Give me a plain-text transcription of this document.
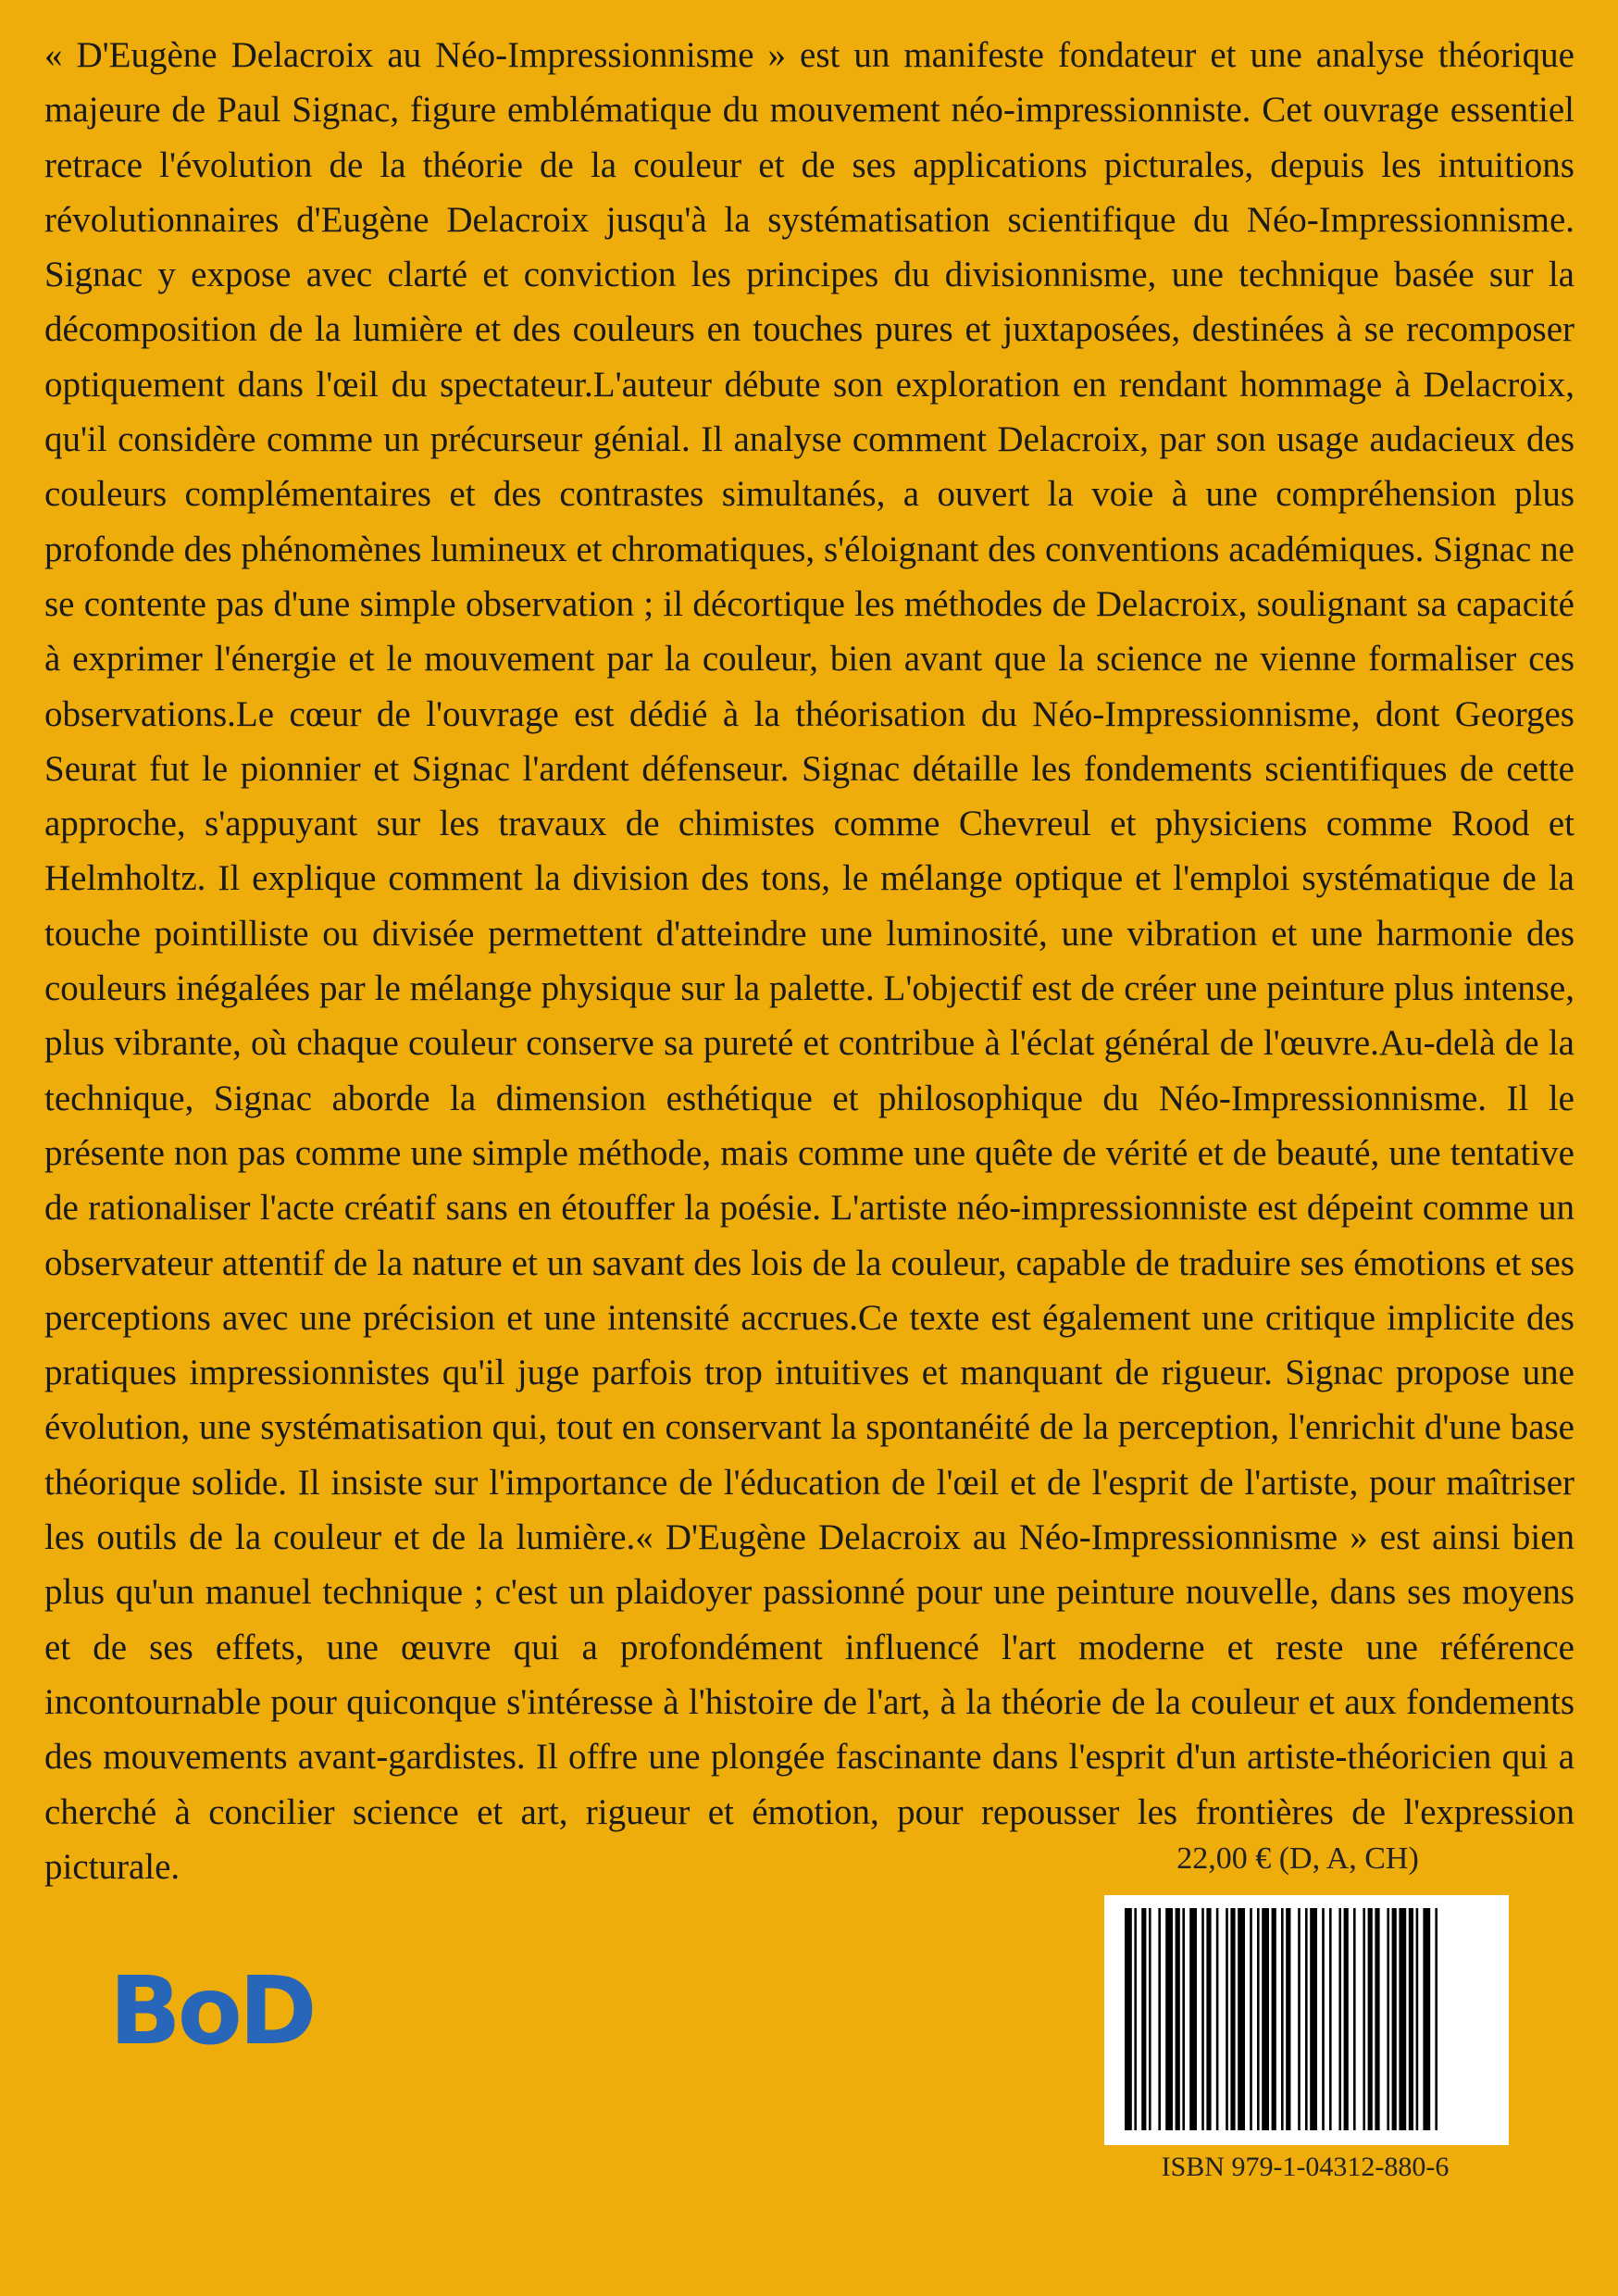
« D'Eugène Delacroix au Néo-Impressionnisme » est un manifeste fondateur et une analyse théorique majeure de Paul Signac, figure emblématique du mouvement néo-impressionniste. Cet ouvrage essentiel retrace l'évolution de la théorie de la couleur et de ses applications picturales, depuis les intuitions révolutionnaires d'Eugène Delacroix jusqu'à la systématisation scientifique du Néo-Impressionnisme. Signac y expose avec clarté et conviction les principes du divisionnisme, une technique basée sur la décomposition de la lumière et des couleurs en touches pures et juxtaposées, destinées à se recomposer optiquement dans l'œil du spectateur.L'auteur débute son exploration en rendant hommage à Delacroix, qu'il considère comme un précurseur génial. Il analyse comment Delacroix, par son usage audacieux des couleurs complémentaires et des contrastes simultanés, a ouvert la voie à une compréhension plus profonde des phénomènes lumineux et chromatiques, s'éloignant des conventions académiques. Signac ne se contente pas d'une simple observation ; il décortique les méthodes de Delacroix, soulignant sa capacité à exprimer l'énergie et le mouvement par la couleur, bien avant que la science ne vienne formaliser ces observations.Le cœur de l'ouvrage est dédié à la théorisation du Néo-Impressionnisme, dont Georges Seurat fut le pionnier et Signac l'ardent défenseur. Signac détaille les fondements scientifiques de cette approche, s'appuyant sur les travaux de chimistes comme Chevreul et physiciens comme Rood et Helmholtz. Il explique comment la division des tons, le mélange optique et l'emploi systématique de la touche pointilliste ou divisée permettent d'atteindre une luminosité, une vibration et une harmonie des couleurs inégalées par le mélange physique sur la palette. L'objectif est de créer une peinture plus intense, plus vibrante, où chaque couleur conserve sa pureté et contribue à l'éclat général de l'œuvre.Au-delà de la technique, Signac aborde la dimension esthétique et philosophique du Néo-Impressionnisme. Il le présente non pas comme une simple méthode, mais comme une quête de vérité et de beauté, une tentative de rationaliser l'acte créatif sans en étouffer la poésie. L'artiste néo-impressionniste est dépeint comme un observateur attentif de la nature et un savant des lois de la couleur, capable de traduire ses émotions et ses perceptions avec une précision et une intensité accrues.Ce texte est également une critique implicite des pratiques impressionnistes qu'il juge parfois trop intuitives et manquant de rigueur. Signac propose une évolution, une systématisation qui, tout en conservant la spontanéité de la perception, l'enrichit d'une base théorique solide. Il insiste sur l'importance de l'éducation de l'œil et de l'esprit de l'artiste, pour maîtriser les outils de la couleur et de la lumière.« D'Eugène Delacroix au Néo-Impressionnisme » est ainsi bien plus qu'un manuel technique ; c'est un plaidoyer passionné pour une peinture nouvelle, dans ses moyens et de ses effets, une œuvre qui a profondément influencé l'art moderne et reste une référence incontournable pour quiconque s'intéresse à l'histoire de l'art, à la théorie de la couleur et aux fondements des mouvements avant-gardistes. Il offre une plongée fascinante dans l'esprit d'un artiste-théoricien qui a cherché à concilier science et art, rigueur et émotion, pour repousser les frontières de l'expression picturale.	22,00 € (D, A, CH)
ISBN 979-1-04312-880-6
BoD
